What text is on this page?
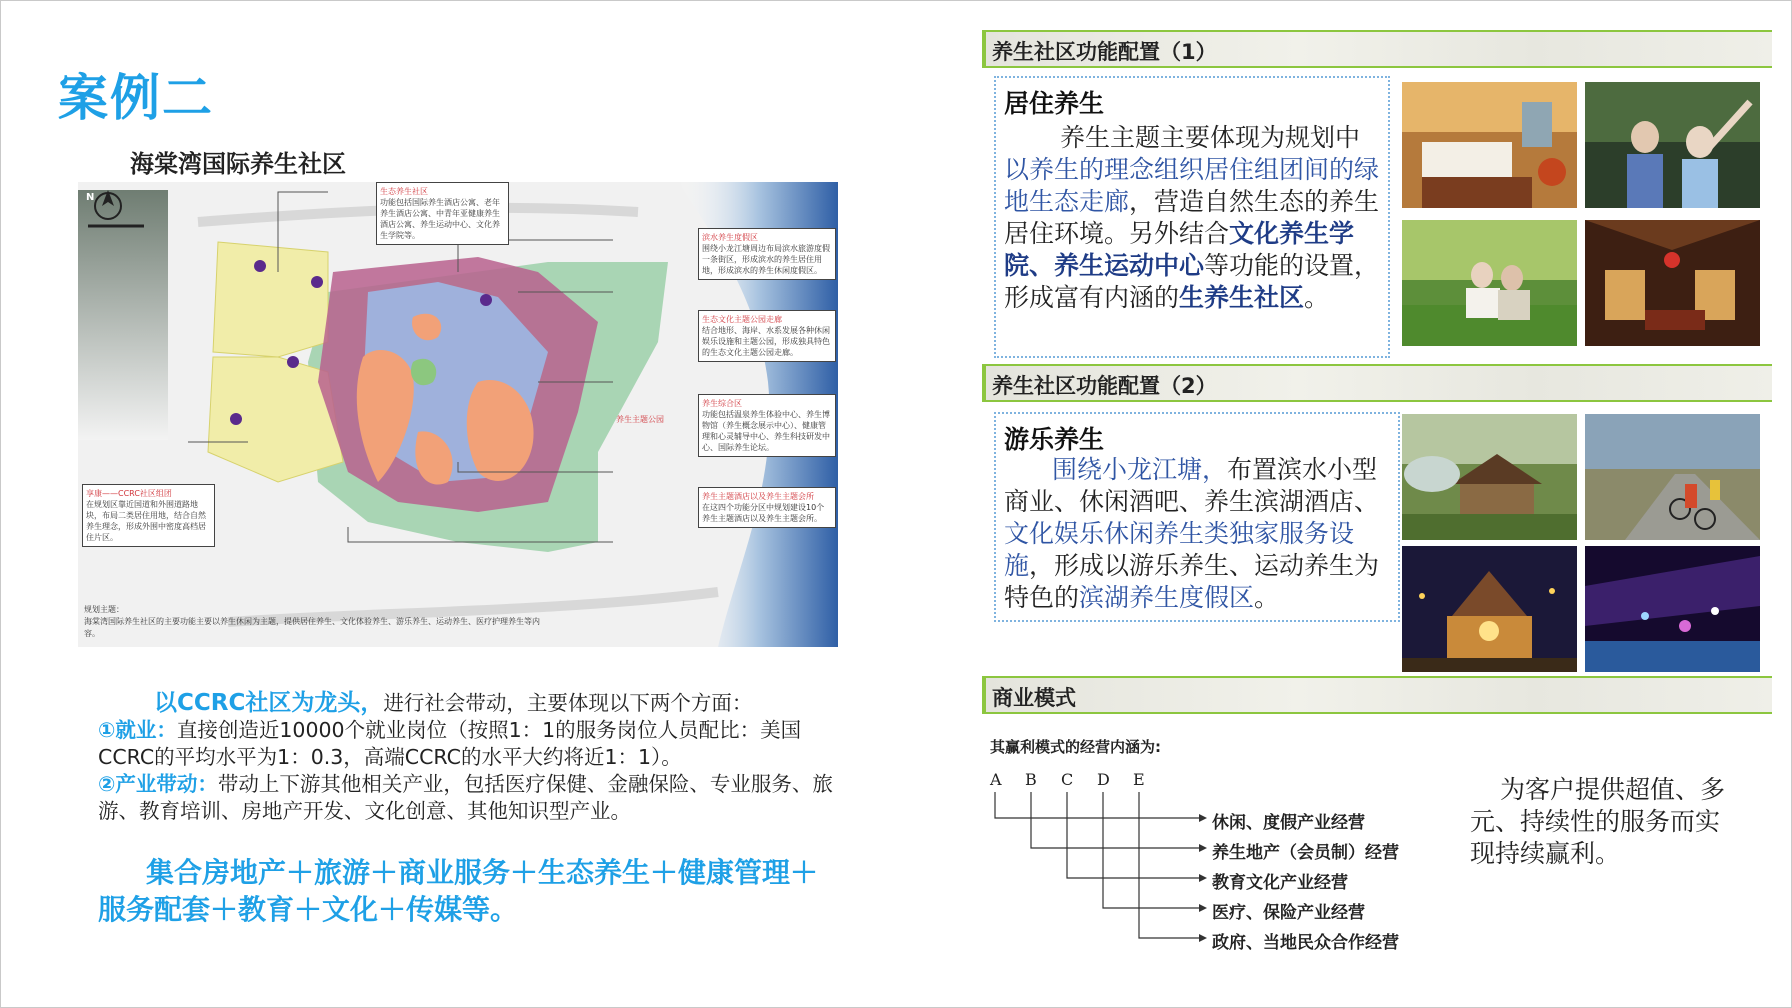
案例二
海棠湾国际养生社区
N
生态养生社区
功能包括国际养生酒店公寓、老年养生酒店公寓、中青年亚健康养生酒店公寓、养生运动中心、文化养生学院等。	滨水养生度假区
围绕小龙江塘周边布局滨水旅游度假一条街区，形成滨水的养生居住用地，形成滨水的养生休闲度假区。
生态文化主题公园走廊
结合地形、海岸、水系发展各种休闲娱乐设施和主题公园，形成独具特色的生态文化主题公园走廊。
养生综合区
功能包括温泉养生体验中心、养生博物馆（养生概念展示中心）、健康管理和心灵辅导中心、养生科技研发中心、国际养生论坛。
养生主题酒店以及养生主题会所
在这四个功能分区中规划建设10个养生主题酒店以及养生主题会所。
享康——CCRC社区组团
在规划区靠近国道和外围道路地块，布局二类居住用地，结合自然养生理念，形成外围中密度高档居住片区。
养生主题公园
规划主题：
海棠湾国际养生社区的主要功能主要以养生休闲为主题，提供居住养生、文化体验养生、游乐养生、运动养生、医疗护理养生等内容。
以CCRC社区为龙头，进行社会带动，主要体现以下两个方面：
①就业：直接创造近10000个就业岗位（按照1：1的服务岗位人员配比：美国CCRC的平均水平为1：0.3，高端CCRC的水平大约将近1：1）。
②产业带动：带动上下游其他相关产业，包括医疗保健、金融保险、专业服务、旅游、教育培训、房地产开发、文化创意、其他知识型产业。
集合房地产＋旅游＋商业服务＋生态养生＋健康管理＋服务配套＋教育＋文化＋传媒等。
养生社区功能配置（1）
居住养生
养生主题主要体现为规划中以养生的理念组织居住组团间的绿地生态走廊，营造自然生态的养生居住环境。另外结合文化养生学院、养生运动中心等功能的设置，形成富有内涵的生养生社区。
养生社区功能配置（2）
游乐养生
围绕小龙江塘，布置滨水小型商业、休闲酒吧、养生滨湖酒店、文化娱乐休闲养生类独家服务设施，形成以游乐养生、运动养生为特色的滨湖养生度假区。
商业模式
其赢利模式的经营内涵为:
A B C D E
休闲、度假产业经营
养生地产（会员制）经营
教育文化产业经营
医疗、保险产业经营
政府、当地民众合作经营
为客户提供超值、多元、持续性的服务而实现持续赢利。
